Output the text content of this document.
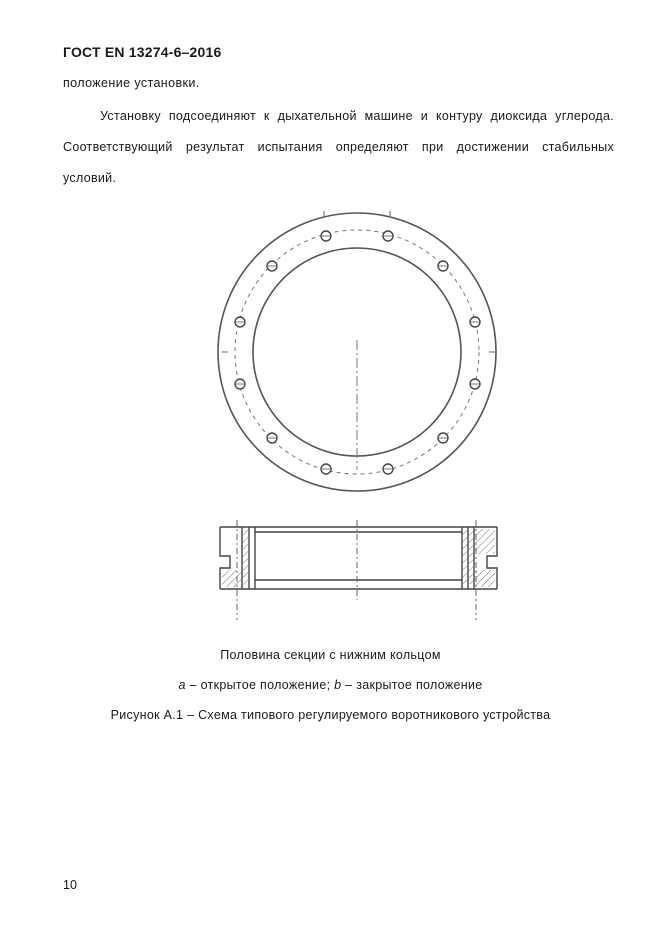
ГОСТ EN 13274-6–2016
положение установки.
Установку подсоединяют к дыхательной машине и контуру диоксида углерода. Соответствующий результат испытания определяют при достижении стабильных условий.
Половина секции с нижним кольцом
a – открытое положение; b – закрытое положение
Рисунок А.1 – Схема типового регулируемого воротникового устройства
10
